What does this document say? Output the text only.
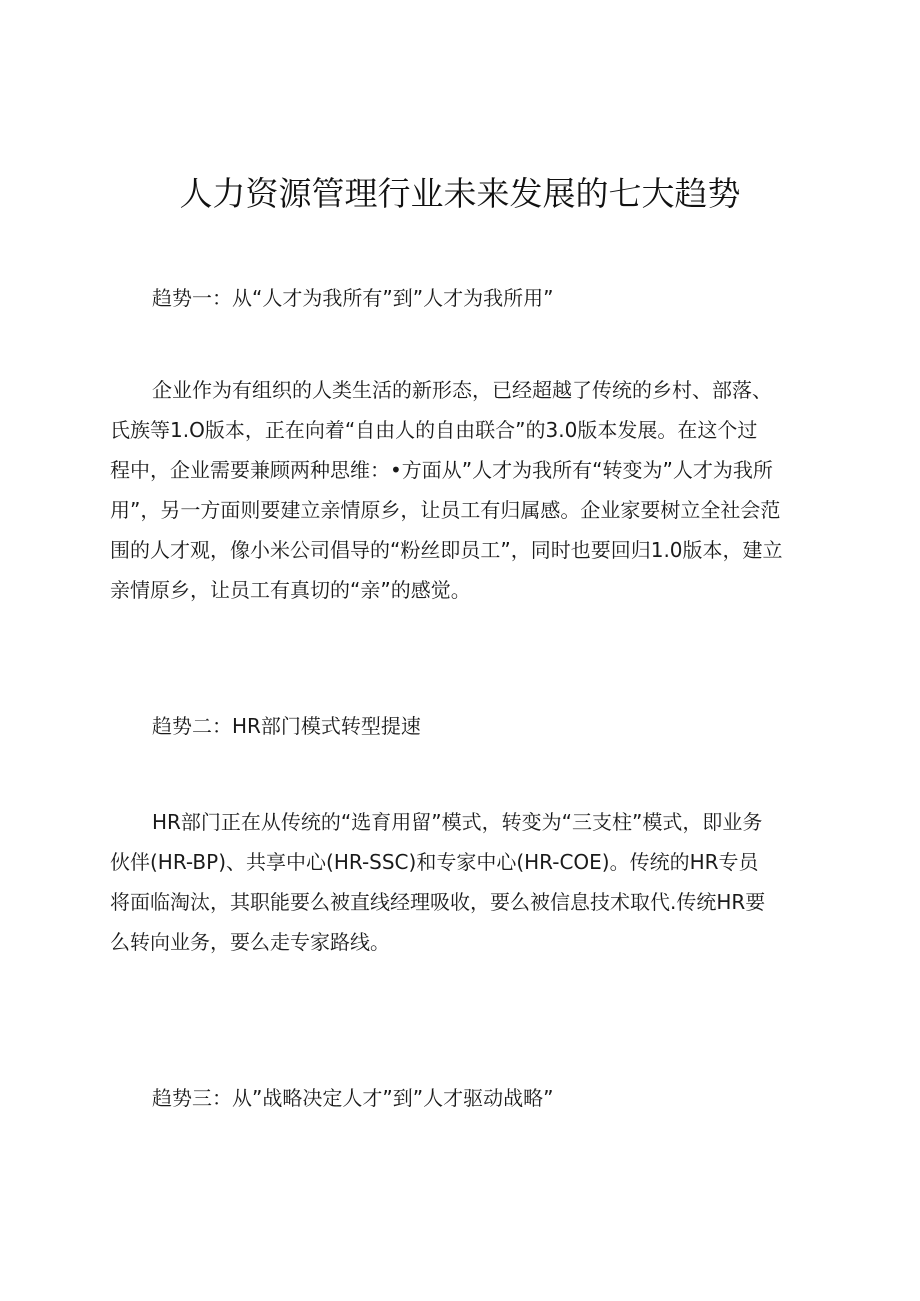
人力资源管理行业未来发展的七大趋势
趋势一：从“人才为我所有”到”人才为我所用”
企业作为有组织的人类生活的新形态，已经超越了传统的乡村、部落、
氏族等1.O版本，正在向着“自由人的自由联合”的3.0版本发展。在这个过
程中，企业需要兼顾两种思维：•方面从”人才为我所有“转变为”人才为我所
用”，另一方面则要建立亲情原乡，让员工有归属感。企业家要树立全社会范
围的人才观，像小米公司倡导的“粉丝即员工”，同时也要回归1.0版本，建立
亲情原乡，让员工有真切的“亲”的感觉。
趋势二：HR部门模式转型提速
HR部门正在从传统的“选育用留”模式，转变为“三支柱”模式，即业务
伙伴(HR-BP)、共享中心(HR-SSC)和专家中心(HR-COE)。传统的HR专员
将面临淘汰，其职能要么被直线经理吸收，要么被信息技术取代.传统HR要
么转向业务，要么走专家路线。
趋势三：从”战略决定人才”到”人才驱动战略”
